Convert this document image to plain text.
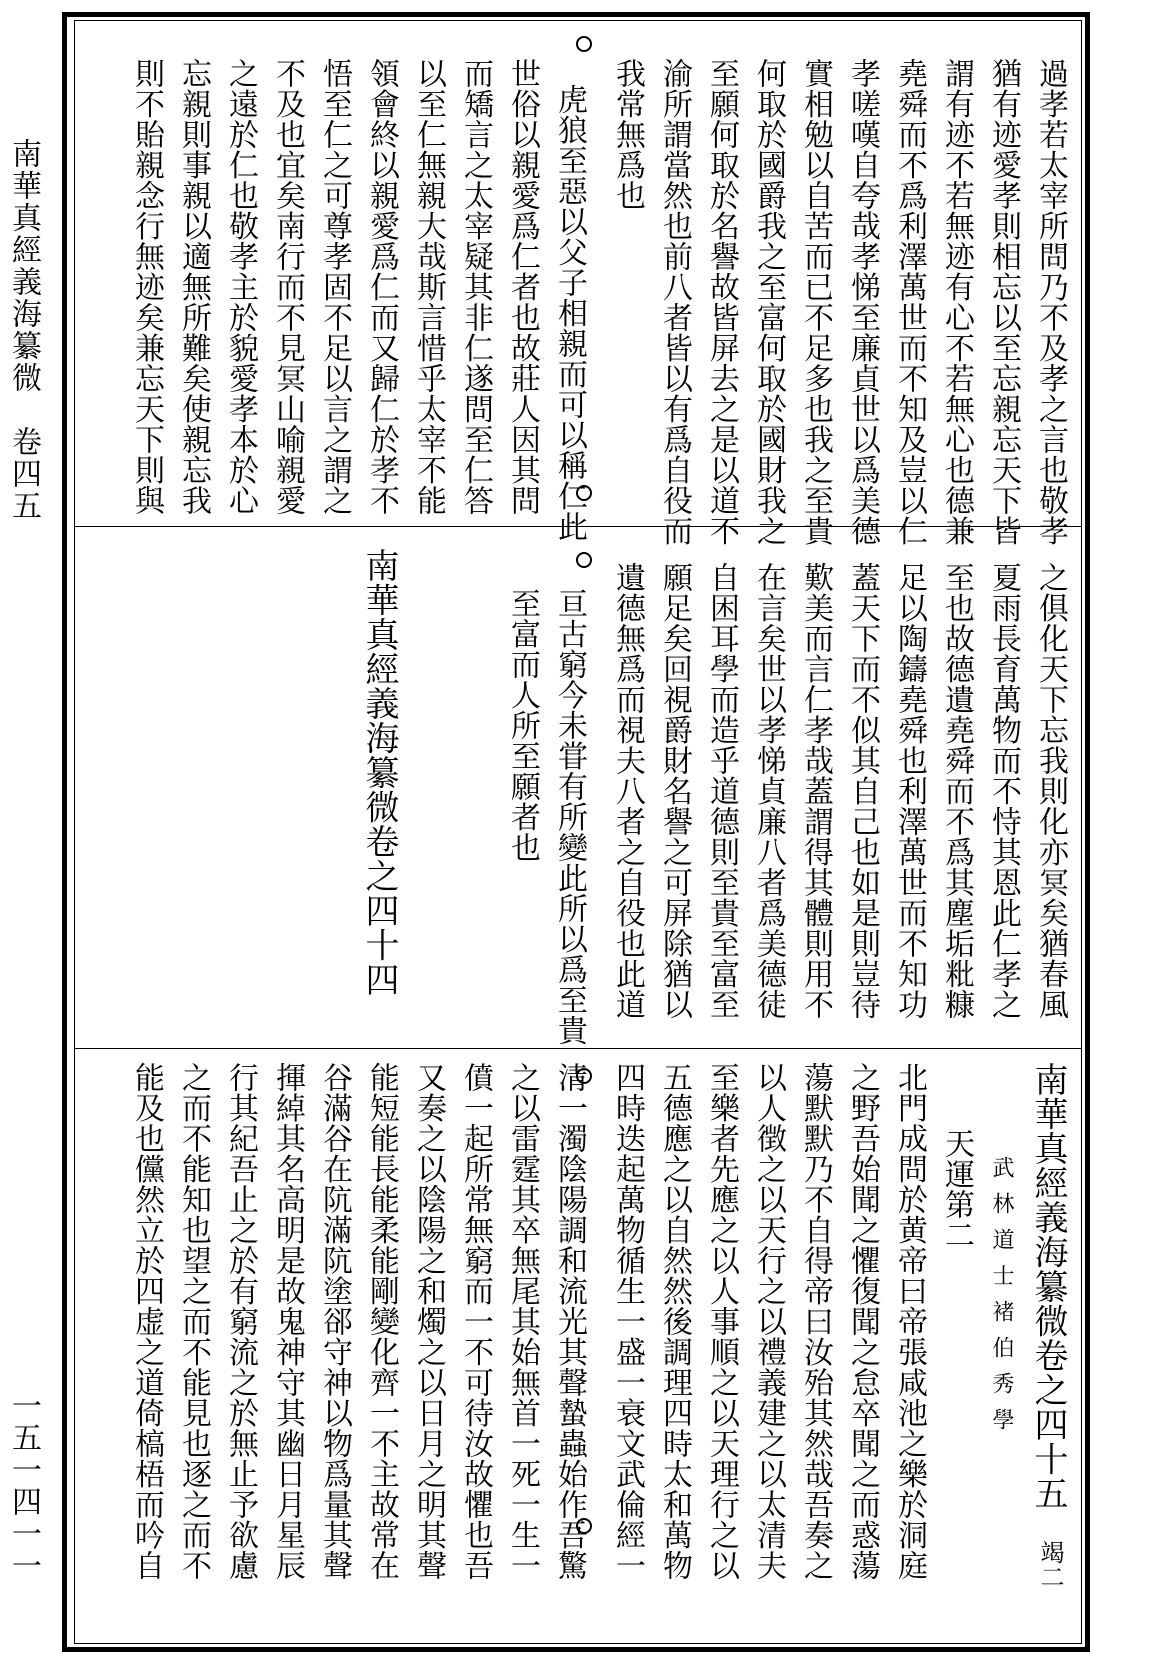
南華真經義海纂微　卷四五
一五一四一一
過孝若太宰所問乃不及孝之言也敬孝
猶有迹愛孝則相忘以至忘親忘天下皆
謂有迹不若無迹有心不若無心也德兼
堯舜而不爲利澤萬世而不知及豈以仁
孝嗟嘆自夸哉孝悌至廉貞世以爲美德
實相勉以自苦而已不足多也我之至貴
何取於國爵我之至富何取於國財我之
至願何取於名譽故皆屏去之是以道不
渝所謂當然也前八者皆以有爲自役而
我常無爲也
虎狼至惡以父子相親而可以稱仁此
世俗以親愛爲仁者也故莊人因其問
而矯言之太宰疑其非仁遂問至仁答
以至仁無親大哉斯言惜乎太宰不能
領會終以親愛爲仁而又歸仁於孝不
悟至仁之可尊孝固不足以言之謂之
不及也宜矣南行而不見冥山喻親愛
之遠於仁也敬孝主於貌愛孝本於心
忘親則事親以適無所難矣使親忘我
則不貽親念行無迹矣兼忘天下則與
之俱化天下忘我則化亦冥矣猶春風
夏雨長育萬物而不恃其恩此仁孝之
至也故德遺堯舜而不爲其塵垢粃糠
足以陶鑄堯舜也利澤萬世而不知功
蓋天下而不似其自己也如是則豈待
歎美而言仁孝哉蓋謂得其體則用不
在言矣世以孝悌貞廉八者爲美德徒
自困耳學而造乎道德則至貴至富至
願足矣回視爵財名譽之可屏除猶以
遺德無爲而視夫八者之自役也此道
亘古窮今未甞有所變此所以爲至貴
至富而人所至願者也
南華真經義海纂微卷之四十四
南華真經義海纂微卷之四十五
竭二
武林道士褚伯秀學
天運第二
北門成問於黄帝曰帝張咸池之樂於洞庭
之野吾始聞之懼復聞之怠卒聞之而惑蕩
蕩默默乃不自得帝曰汝殆其然哉吾奏之
以人徴之以天行之以禮義建之以太清夫
至樂者先應之以人事順之以天理行之以
五德應之以自然然後調理四時太和萬物
四時迭起萬物循生一盛一衰文武倫經一
清一濁陰陽調和流光其聲蟄蟲始作吾驚
之以雷霆其卒無尾其始無首一死一生一
僨一起所常無窮而一不可待汝故懼也吾
又奏之以陰陽之和燭之以日月之明其聲
能短能長能柔能剛變化齊一不主故常在
谷滿谷在阬滿阬塗郤守神以物爲量其聲
揮綽其名高明是故鬼神守其幽日月星辰
行其紀吾止之於有窮流之於無止予欲慮
之而不能知也望之而不能見也逐之而不
能及也儻然立於四虚之道倚槁梧而吟自
